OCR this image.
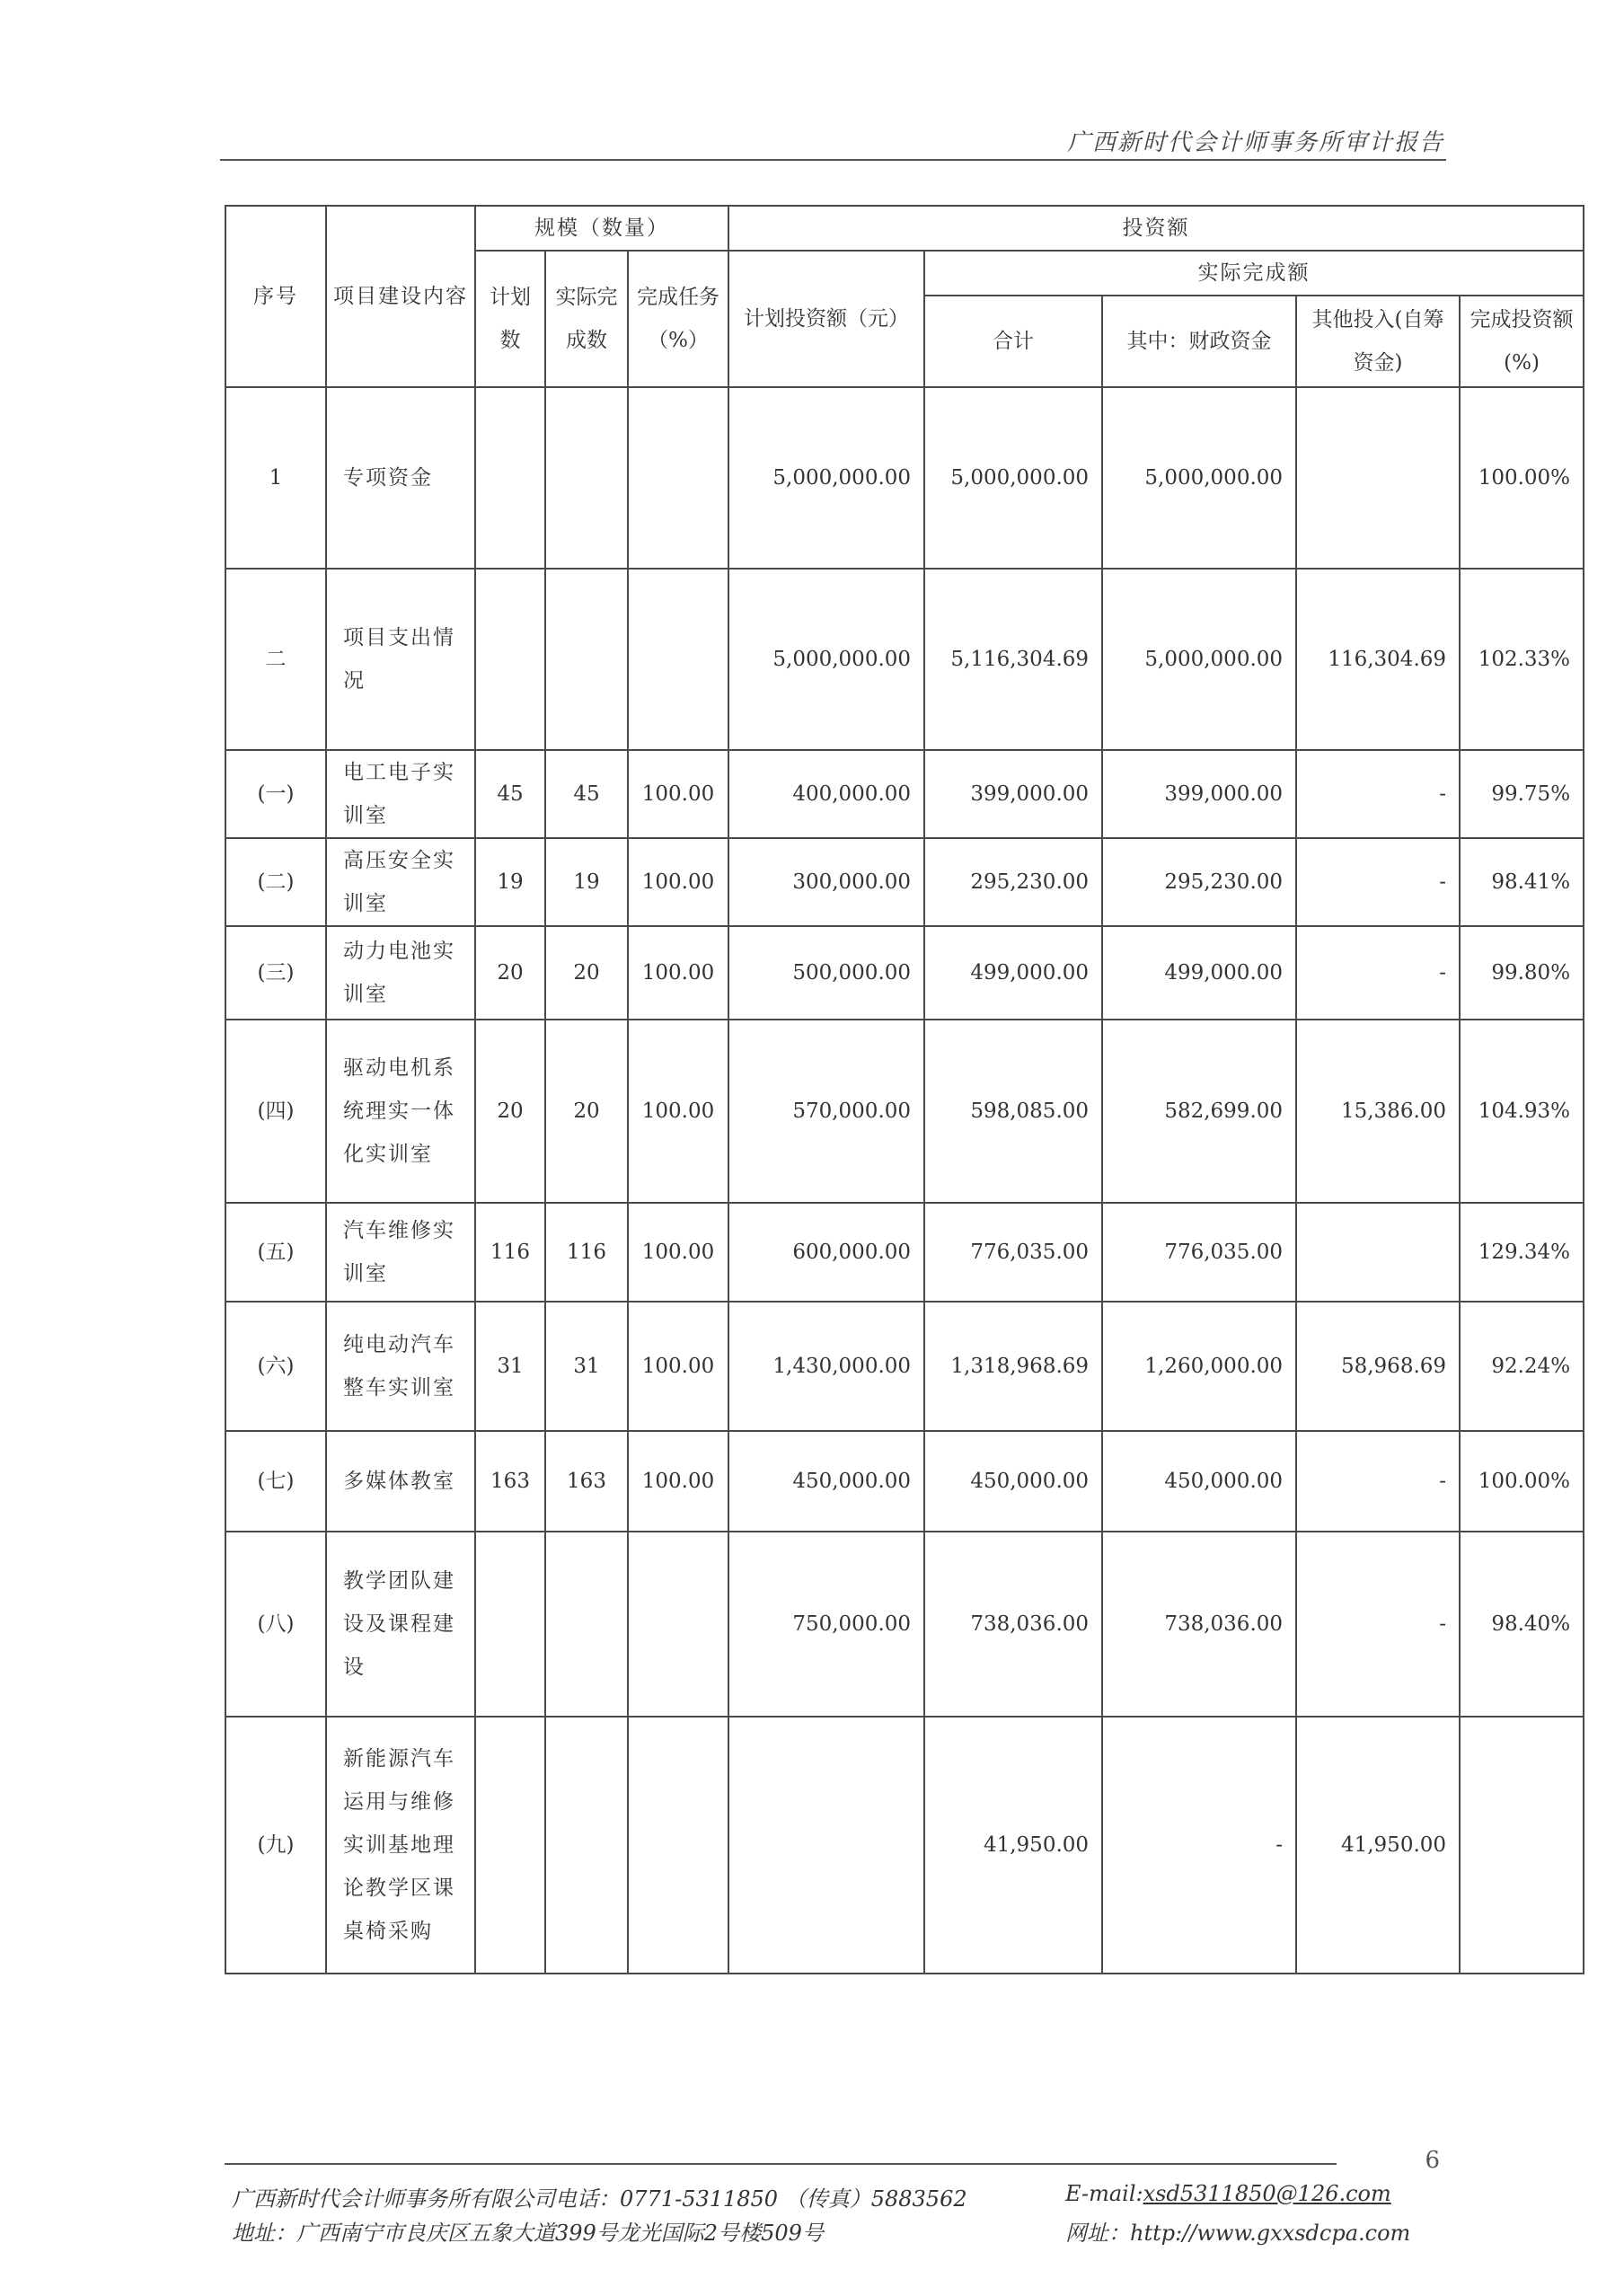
广西新时代会计师事务所审计报告
序号	项目建设内容	规模（数量）			投资额				
		计划数	实际完成数	完成任务（%）	计划投资额（元）	实际完成额			
						合计	其中：财政资金	其他投入(自筹资金)	完成投资额(%)
1	专项资金				5,000,000.00	5,000,000.00	5,000,000.00		100.00%
二	项目支出情况				5,000,000.00	5,116,304.69	5,000,000.00	116,304.69	102.33%
(一)	电工电子实训室	45	45	100.00	400,000.00	399,000.00	399,000.00	-	99.75%
(二)	高压安全实训室	19	19	100.00	300,000.00	295,230.00	295,230.00	-	98.41%
(三)	动力电池实训室	20	20	100.00	500,000.00	499,000.00	499,000.00	-	99.80%
(四)	驱动电机系统理实一体化实训室	20	20	100.00	570,000.00	598,085.00	582,699.00	15,386.00	104.93%
(五)	汽车维修实训室	116	116	100.00	600,000.00	776,035.00	776,035.00		129.34%
(六)	纯电动汽车整车实训室	31	31	100.00	1,430,000.00	1,318,968.69	1,260,000.00	58,968.69	92.24%
(七)	多媒体教室	163	163	100.00	450,000.00	450,000.00	450,000.00	-	100.00%
(八)	教学团队建设及课程建设				750,000.00	738,036.00	738,036.00	-	98.40%
(九)	新能源汽车运用与维修实训基地理论教学区课桌椅采购					41,950.00	-	41,950.00	
6
广西新时代会计师事务所有限公司电话：0771-5311850 （传真）5883562	E-mail:xsd5311850@126.com
地址：广西南宁市良庆区五象大道399号龙光国际2号楼509号	网址：http://www.gxxsdcpa.com
